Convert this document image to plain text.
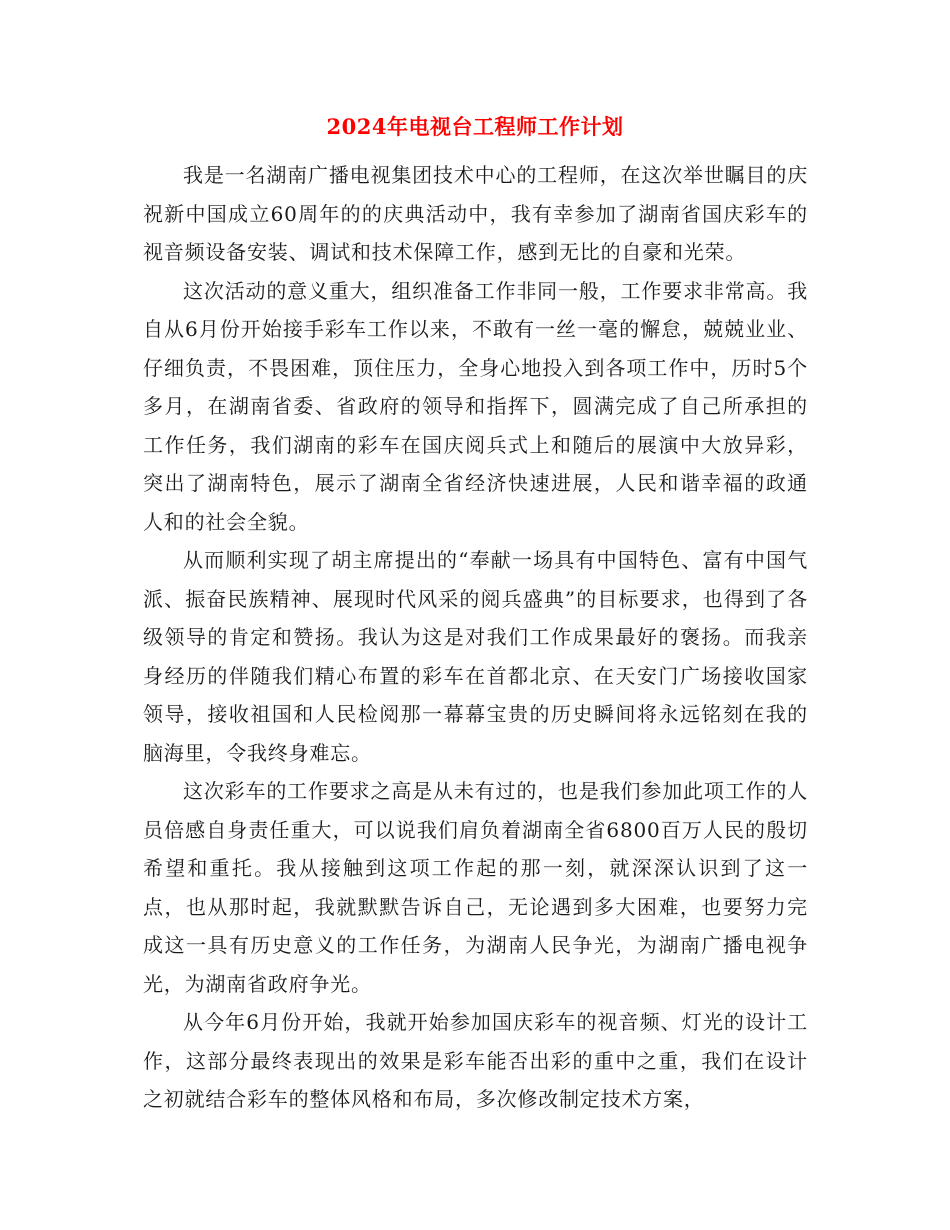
2024年电视台工程师工作计划

我是一名湖南广播电视集团技术中心的工程师，在这次举世瞩目的庆祝新中国成立60周年的的庆典活动中，我有幸参加了湖南省国庆彩车的视音频设备安装、调试和技术保障工作，感到无比的自豪和光荣。

这次活动的意义重大，组织准备工作非同一般，工作要求非常高。我自从6月份开始接手彩车工作以来，不敢有一丝一毫的懈怠，兢兢业业、仔细负责，不畏困难，顶住压力，全身心地投入到各项工作中，历时5个多月，在湖南省委、省政府的领导和指挥下，圆满完成了自己所承担的工作任务，我们湖南的彩车在国庆阅兵式上和随后的展演中大放异彩，突出了湖南特色，展示了湖南全省经济快速进展，人民和谐幸福的政通人和的社会全貌。

从而顺利实现了胡主席提出的“奉献一场具有中国特色、富有中国气派、振奋民族精神、展现时代风采的阅兵盛典”的目标要求，也得到了各级领导的肯定和赞扬。我认为这是对我们工作成果最好的褒扬。而我亲身经历的伴随我们精心布置的彩车在首都北京、在天安门广场接收国家领导，接收祖国和人民检阅那一幕幕宝贵的历史瞬间将永远铭刻在我的脑海里，令我终身难忘。

这次彩车的工作要求之高是从未有过的，也是我们参加此项工作的人员倍感自身责任重大，可以说我们肩负着湖南全省6800百万人民的殷切希望和重托。我从接触到这项工作起的那一刻，就深深认识到了这一点，也从那时起，我就默默告诉自己，无论遇到多大困难，也要努力完成这一具有历史意义的工作任务，为湖南人民争光，为湖南广播电视争光，为湖南省政府争光。

从今年6月份开始，我就开始参加国庆彩车的视音频、灯光的设计工作，这部分最终表现出的效果是彩车能否出彩的重中之重，我们在设计之初就结合彩车的整体风格和布局，多次修改制定技术方案，
